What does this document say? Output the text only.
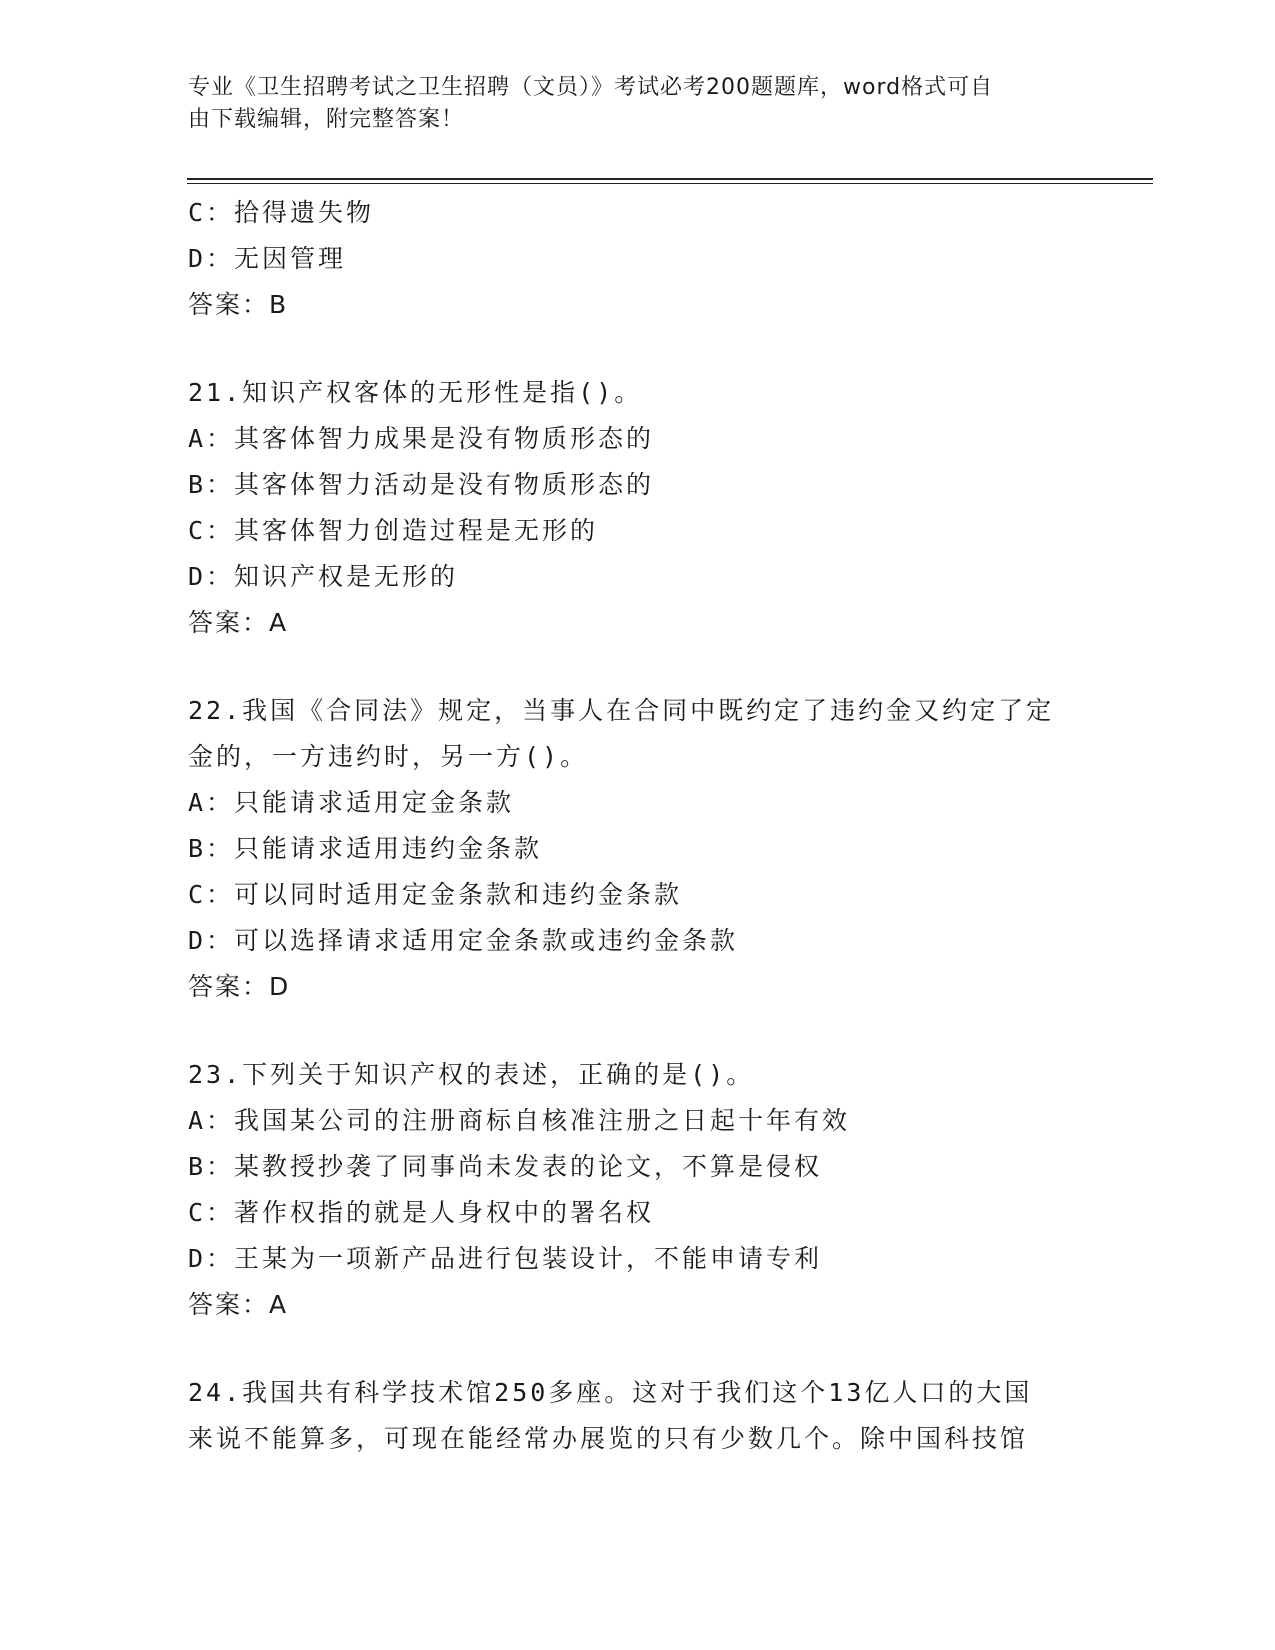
专业《卫生招聘考试之卫生招聘（文员）》考试必考200题题库，word格式可自
由下载编辑，附完整答案！
C：拾得遗失物
D：无因管理
答案：B
21.知识产权客体的无形性是指()。
A：其客体智力成果是没有物质形态的
B：其客体智力活动是没有物质形态的
C：其客体智力创造过程是无形的
D：知识产权是无形的
答案：A
22.我国《合同法》规定，当事人在合同中既约定了违约金又约定了定
金的，一方违约时，另一方()。
A：只能请求适用定金条款
B：只能请求适用违约金条款
C：可以同时适用定金条款和违约金条款
D：可以选择请求适用定金条款或违约金条款
答案：D
23.下列关于知识产权的表述，正确的是()。
A：我国某公司的注册商标自核准注册之日起十年有效
B：某教授抄袭了同事尚未发表的论文，不算是侵权
C：著作权指的就是人身权中的署名权
D：王某为一项新产品进行包装设计，不能申请专利
答案：A
24.我国共有科学技术馆250多座。这对于我们这个13亿人口的大国
来说不能算多，可现在能经常办展览的只有少数几个。除中国科技馆
